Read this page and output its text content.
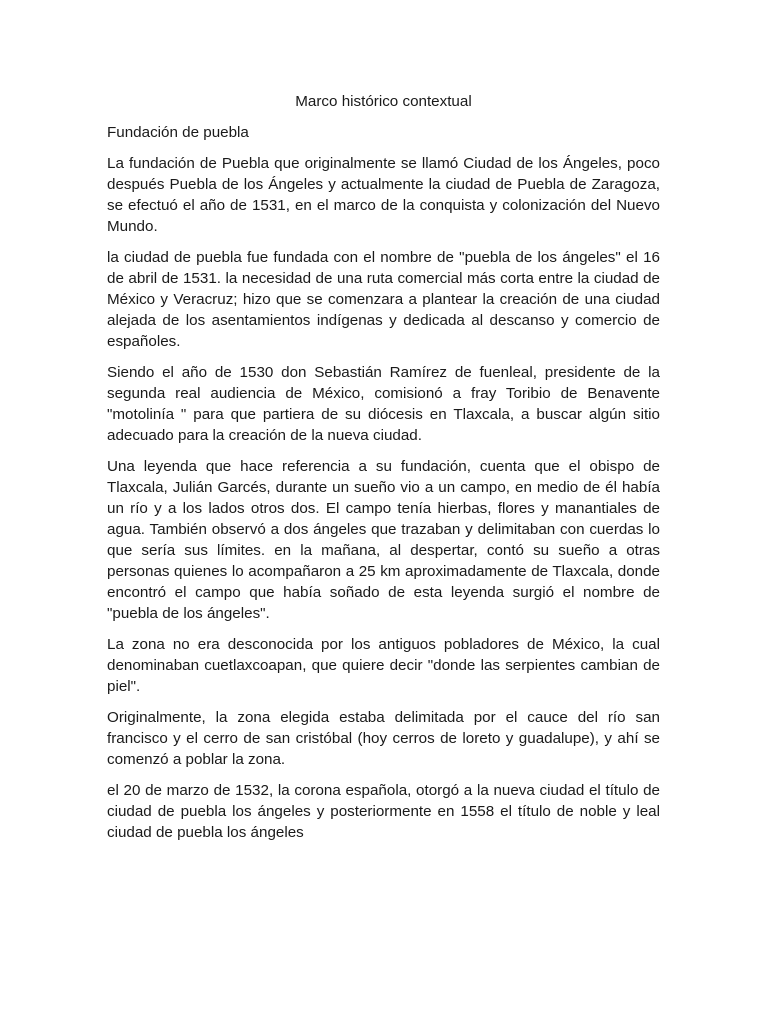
Marco histórico contextual
Fundación de puebla

La fundación de Puebla que originalmente se llamó Ciudad de los Ángeles, poco después Puebla de los Ángeles y actualmente la ciudad de Puebla de Zaragoza, se efectuó el año de 1531, en el marco de la conquista y colonización del Nuevo Mundo.

la ciudad de puebla fue fundada con el nombre de "puebla de los ángeles" el 16 de abril de 1531. la necesidad de una ruta comercial más corta entre la ciudad de México y Veracruz; hizo que se comenzara a plantear la creación de una ciudad alejada de los asentamientos indígenas y dedicada al descanso y comercio de españoles.

Siendo el año de 1530 don Sebastián Ramírez de fuenleal, presidente de la segunda real audiencia de México, comisionó a fray Toribio de Benavente "motolinía " para que partiera de su diócesis en Tlaxcala, a buscar algún sitio adecuado para la creación de la nueva ciudad.

Una leyenda que hace referencia a su fundación, cuenta que el obispo de Tlaxcala, Julián Garcés, durante un sueño vio a un campo, en medio de él había un río y a los lados otros dos. El campo tenía hierbas, flores y manantiales de agua. También observó a dos ángeles que trazaban y delimitaban con cuerdas lo que sería sus límites. en la mañana, al despertar, contó su sueño a otras personas quienes lo acompañaron a 25 km aproximadamente de Tlaxcala, donde encontró el campo que había soñado de esta leyenda surgió el nombre de "puebla de los ángeles".

La zona no era desconocida por los antiguos pobladores de México, la cual denominaban cuetlaxcoapan, que quiere decir "donde las serpientes cambian de piel".

Originalmente, la zona elegida estaba delimitada por el cauce del río san francisco y el cerro de san cristóbal (hoy cerros de loreto y guadalupe), y ahí se comenzó a poblar la zona.

el 20 de marzo de 1532, la corona española, otorgó a la nueva ciudad el título de ciudad de puebla los ángeles y posteriormente en 1558 el título de noble y leal ciudad de puebla los ángeles
